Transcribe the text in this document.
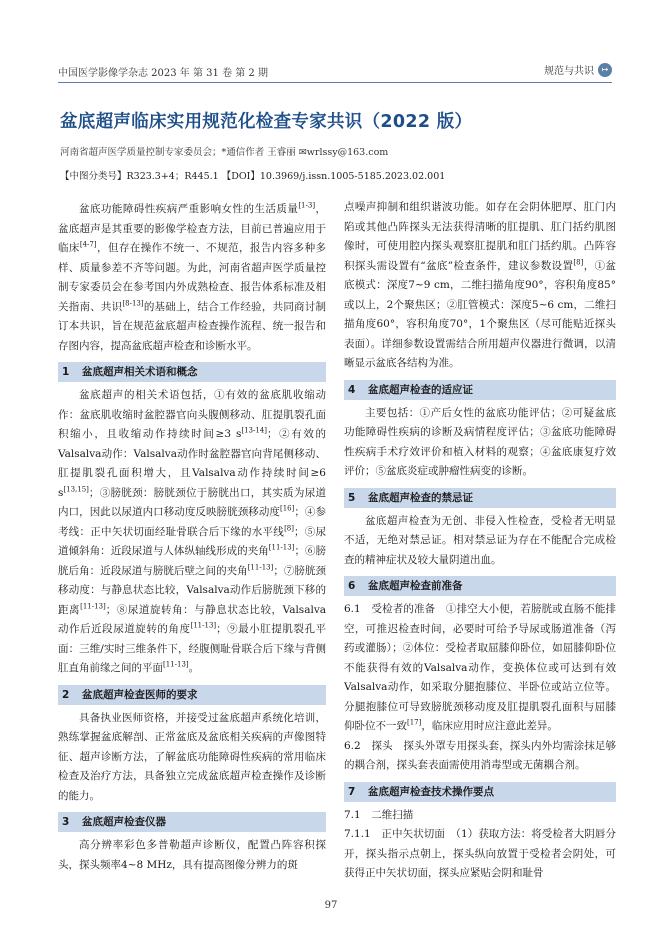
中国医学影像学杂志 2023 年 第 31 卷 第 2 期	规范与共识 ↦
盆底超声临床实用规范化检查专家共识（2022 版）
河南省超声医学质量控制专家委员会；*通信作者 王睿丽 ✉wrlssy@163.com
【中图分类号】R323.3+4；R445.1 【DOI】10.3969/j.issn.1005-5185.2023.02.001

盆底功能障碍性疾病严重影响女性的生活质量[1-3]，盆底超声是其重要的影像学检查方法，目前已普遍应用于临床[4-7]，但存在操作不统一、不规范，报告内容多种多样、质量参差不齐等问题。为此，河南省超声医学质量控制专家委员会在参考国内外成熟检查、报告体系标准及相关指南、共识[8-13]的基础上，结合工作经验，共同商讨制订本共识，旨在规范盆底超声检查操作流程、统一报告和存图内容，提高盆底超声检查和诊断水平。

1 盆底超声相关术语和概念

盆底超声的相关术语包括，①有效的盆底肌收缩动作：盆底肌收缩时盆腔器官向头腹侧移动、肛提肌裂孔面积缩小，且收缩动作持续时间≥3 s[13-14]；②有效的Valsalva动作：Valsalva动作时盆腔器官向背尾侧移动、肛提肌裂孔面积增大，且Valsalva动作持续时间≥6 s[13,15]；③膀胱颈：膀胱颈位于膀胱出口，其实质为尿道内口，因此以尿道内口移动度反映膀胱颈移动度[16]；④参考线：正中矢状切面经耻骨联合后下缘的水平线[8]；⑤尿道倾斜角：近段尿道与人体纵轴线形成的夹角[11-13]；⑥膀胱后角：近段尿道与膀胱后壁之间的夹角[11-13]；⑦膀胱颈移动度：与静息状态比较，Valsalva动作后膀胱颈下移的距离[11-13]；⑧尿道旋转角：与静息状态比较，Valsalva动作后近段尿道旋转的角度[11-13]；⑨最小肛提肌裂孔平面：三维/实时三维条件下，经腹侧耻骨联合后下缘与背侧肛直角前缘之间的平面[11-13]。

2 盆底超声检查医师的要求

具备执业医师资格，并接受过盆底超声系统化培训，熟练掌握盆底解剖、正常盆底及盆底相关疾病的声像图特征、超声诊断方法，了解盆底功能障碍性疾病的常用临床检查及治疗方法，具备独立完成盆底超声检查操作及诊断的能力。

3 盆底超声检查仪器

高分辨率彩色多普勒超声诊断仪，配置凸阵容积探头，探头频率4~8 MHz，具有提高图像分辨力的斑

点噪声抑制和组织谐波功能。如存在会阴体肥厚、肛门内陷或其他凸阵探头无法获得清晰的肛提肌、肛门括约肌图像时，可使用腔内探头观察肛提肌和肛门括约肌。凸阵容积探头需设置有“盆底”检查条件，建议参数设置[8]，①盆底模式：深度7~9 cm，二维扫描角度90°，容积角度85°或以上，2个聚焦区；②肛管模式：深度5~6 cm，二维扫描角度60°，容积角度70°，1个聚焦区（尽可能贴近探头表面）。详细参数设置需结合所用超声仪器进行微调，以清晰显示盆底各结构为准。

4 盆底超声检查的适应证

主要包括：①产后女性的盆底功能评估；②可疑盆底功能障碍性疾病的诊断及病情程度评估；③盆底功能障碍性疾病手术疗效评价和植入材料的观察；④盆底康复疗效评价；⑤盆底炎症或肿瘤性病变的诊断。

5 盆底超声检查的禁忌证

盆底超声检查为无创、非侵入性检查，受检者无明显不适，无绝对禁忌证。相对禁忌证为存在不能配合完成检查的精神症状及较大量阴道出血。

6 盆底超声检查前准备

6.1　受检者的准备　①排空大小便，若膀胱或直肠不能排空，可推迟检查时间，必要时可给予导尿或肠道准备（泻药或灌肠）；②体位：受检者取屈膝仰卧位，如屈膝仰卧位不能获得有效的Valsalva动作，变换体位或可达到有效Valsalva动作，如采取分腿抱膝位、半卧位或站立位等。分腿抱膝位可导致膀胱颈移动度及肛提肌裂孔面积与屈膝仰卧位不一致[17]，临床应用时应注意此差异。

6.2　探头　探头外罩专用探头套，探头内外均需涂抹足够的耦合剂，探头套表面需使用消毒型或无菌耦合剂。

7 盆底超声检查技术操作要点

7.1　二维扫描

7.1.1　正中矢状切面　（1）获取方法：将受检者大阴唇分开，探头指示点朝上，探头纵向放置于受检者会阴处，可获得正中矢状切面，探头应紧贴会阴和耻骨

97
